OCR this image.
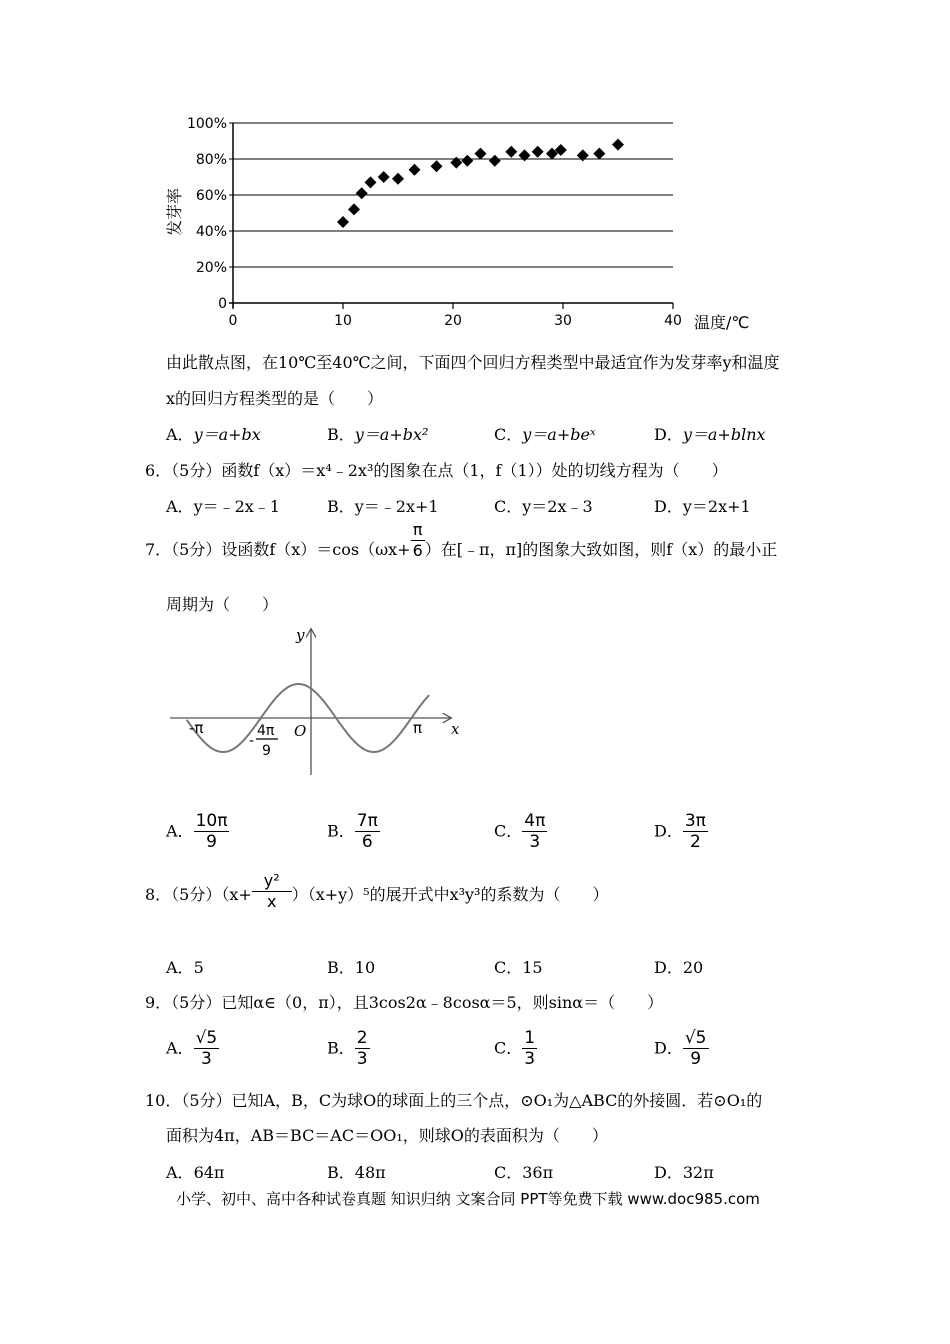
0
20%
40%
60%
80%
100%
0	10	20	30	40
发芽率
温度/℃
由此散点图，在10℃至40℃之间，下面四个回归方程类型中最适宜作为发芽率y和温度
x的回归方程类型的是（　　）
A．y＝a+bx	B．y＝a+bx²	C．y＝a+beˣ	D．y＝a+blnx
6．（5分）函数f（x）＝x⁴﹣2x³的图象在点（1，f（1））处的切线方程为（　　）
A．y＝﹣2x﹣1	B．y＝﹣2x+1	C．y＝2x﹣3	D．y＝2x+1
7．（5分）设函数$f(x)=\cos(\omega x+ \frac{\pi}{6}$ ）在[﹣π，π]的图象大致如图，则f（x）的最小正
周期为（　　）
y
x
O
-π	π
-
4π
9
A． $\frac{10\pi}{9}$	B． $\frac{7\pi}{6}$	C． $\frac{4\pi}{3}$	D． $\frac{3\pi}{2}$
8．（5分）$(x+ \frac{\text{y²}}{x} )(x+y)^5$的展开式中x³y³的系数为（　　）
A．5	B．10	C．15	D．20
9．（5分）已知α∈（0，π），且3cos2α﹣8cosα＝5，则sinα＝（　　）
A． $\frac{√5}{3}$	B． $\frac{2}{3}$	C． $\frac{1}{3}$	D． $\frac{√5}{9}$
10．（5分）已知A，B，C为球O的球面上的三个点，⊙O₁为△ABC的外接圆．若⊙O₁的
面积为4π，AB＝BC＝AC＝OO₁，则球O的表面积为（　　）
A．64π	B．48π	C．36π	D．32π
小学、初中、高中各种试卷真题 知识归纳 文案合同 PPT等免费下载 www.doc985.com
